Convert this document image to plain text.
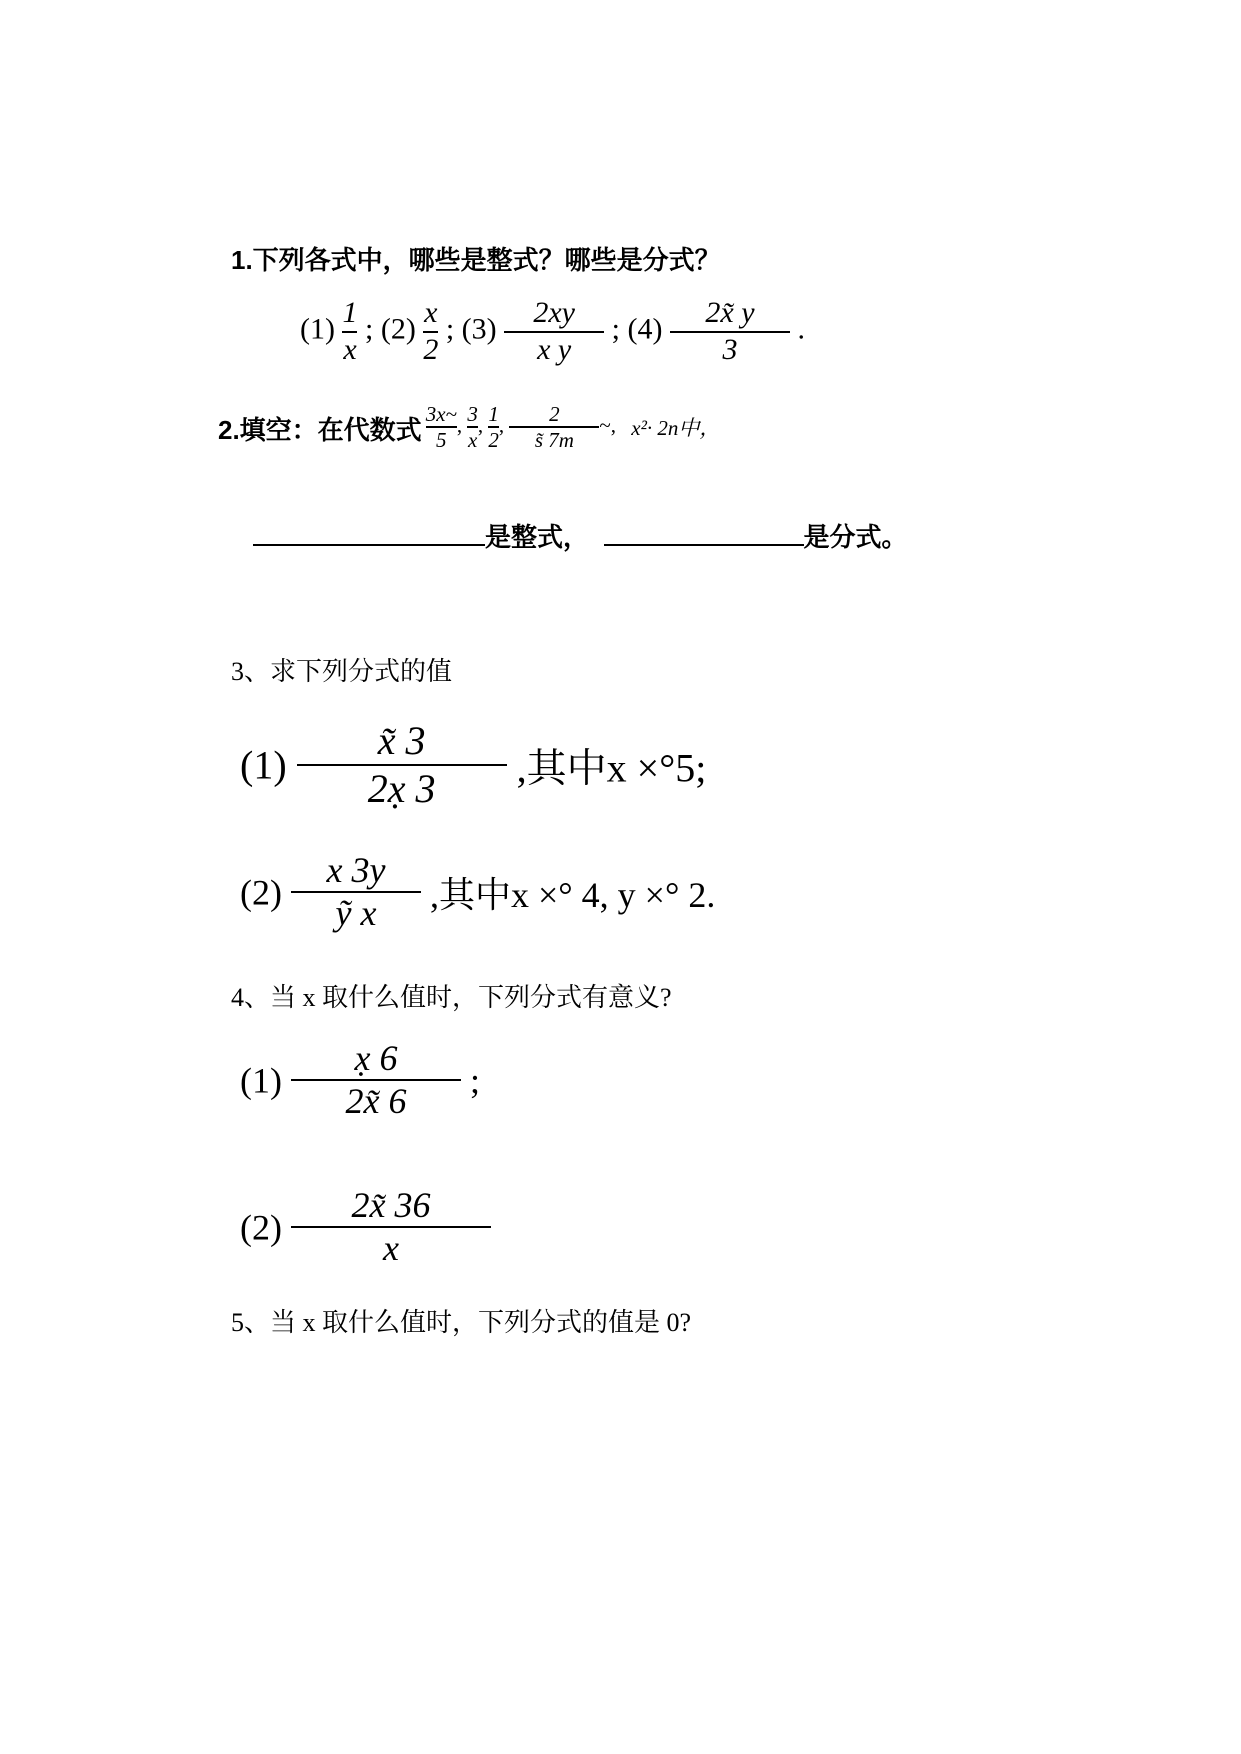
1.下列各式中，哪些是整式？哪些是分式？
$(1) \frac{1}{x}$ ; $(2) \frac{x}{2}$ ; $(3) \frac{2xy}{\text{x y}}$ ; $(4) \frac{2x̃ y}{3}$ .
2.填空：在代数式 $\frac{3x\sim}{5}$ , $\frac{3}{x}$ , $\frac{1}{2}$ , $\frac{2}{s̃ 7m}$ ~, x²· 2n中，
是整式，	是分式。
3、求下列分式的值
$(1) \frac{x̃ 3}{2x̣ 3}$ ,其中x ×°5;
$(2) \frac{x 3y}{\text{ỹ x}}$ ,其中x ×° 4, y ×° 2.
4、当 x 取什么值时，下列分式有意义?
$(1) \frac{x̣ 6}{2x̃ 6}$ ;
$(2) \frac{2x̃ 36}{x}$
5、当 x 取什么值时，下列分式的值是 0?
